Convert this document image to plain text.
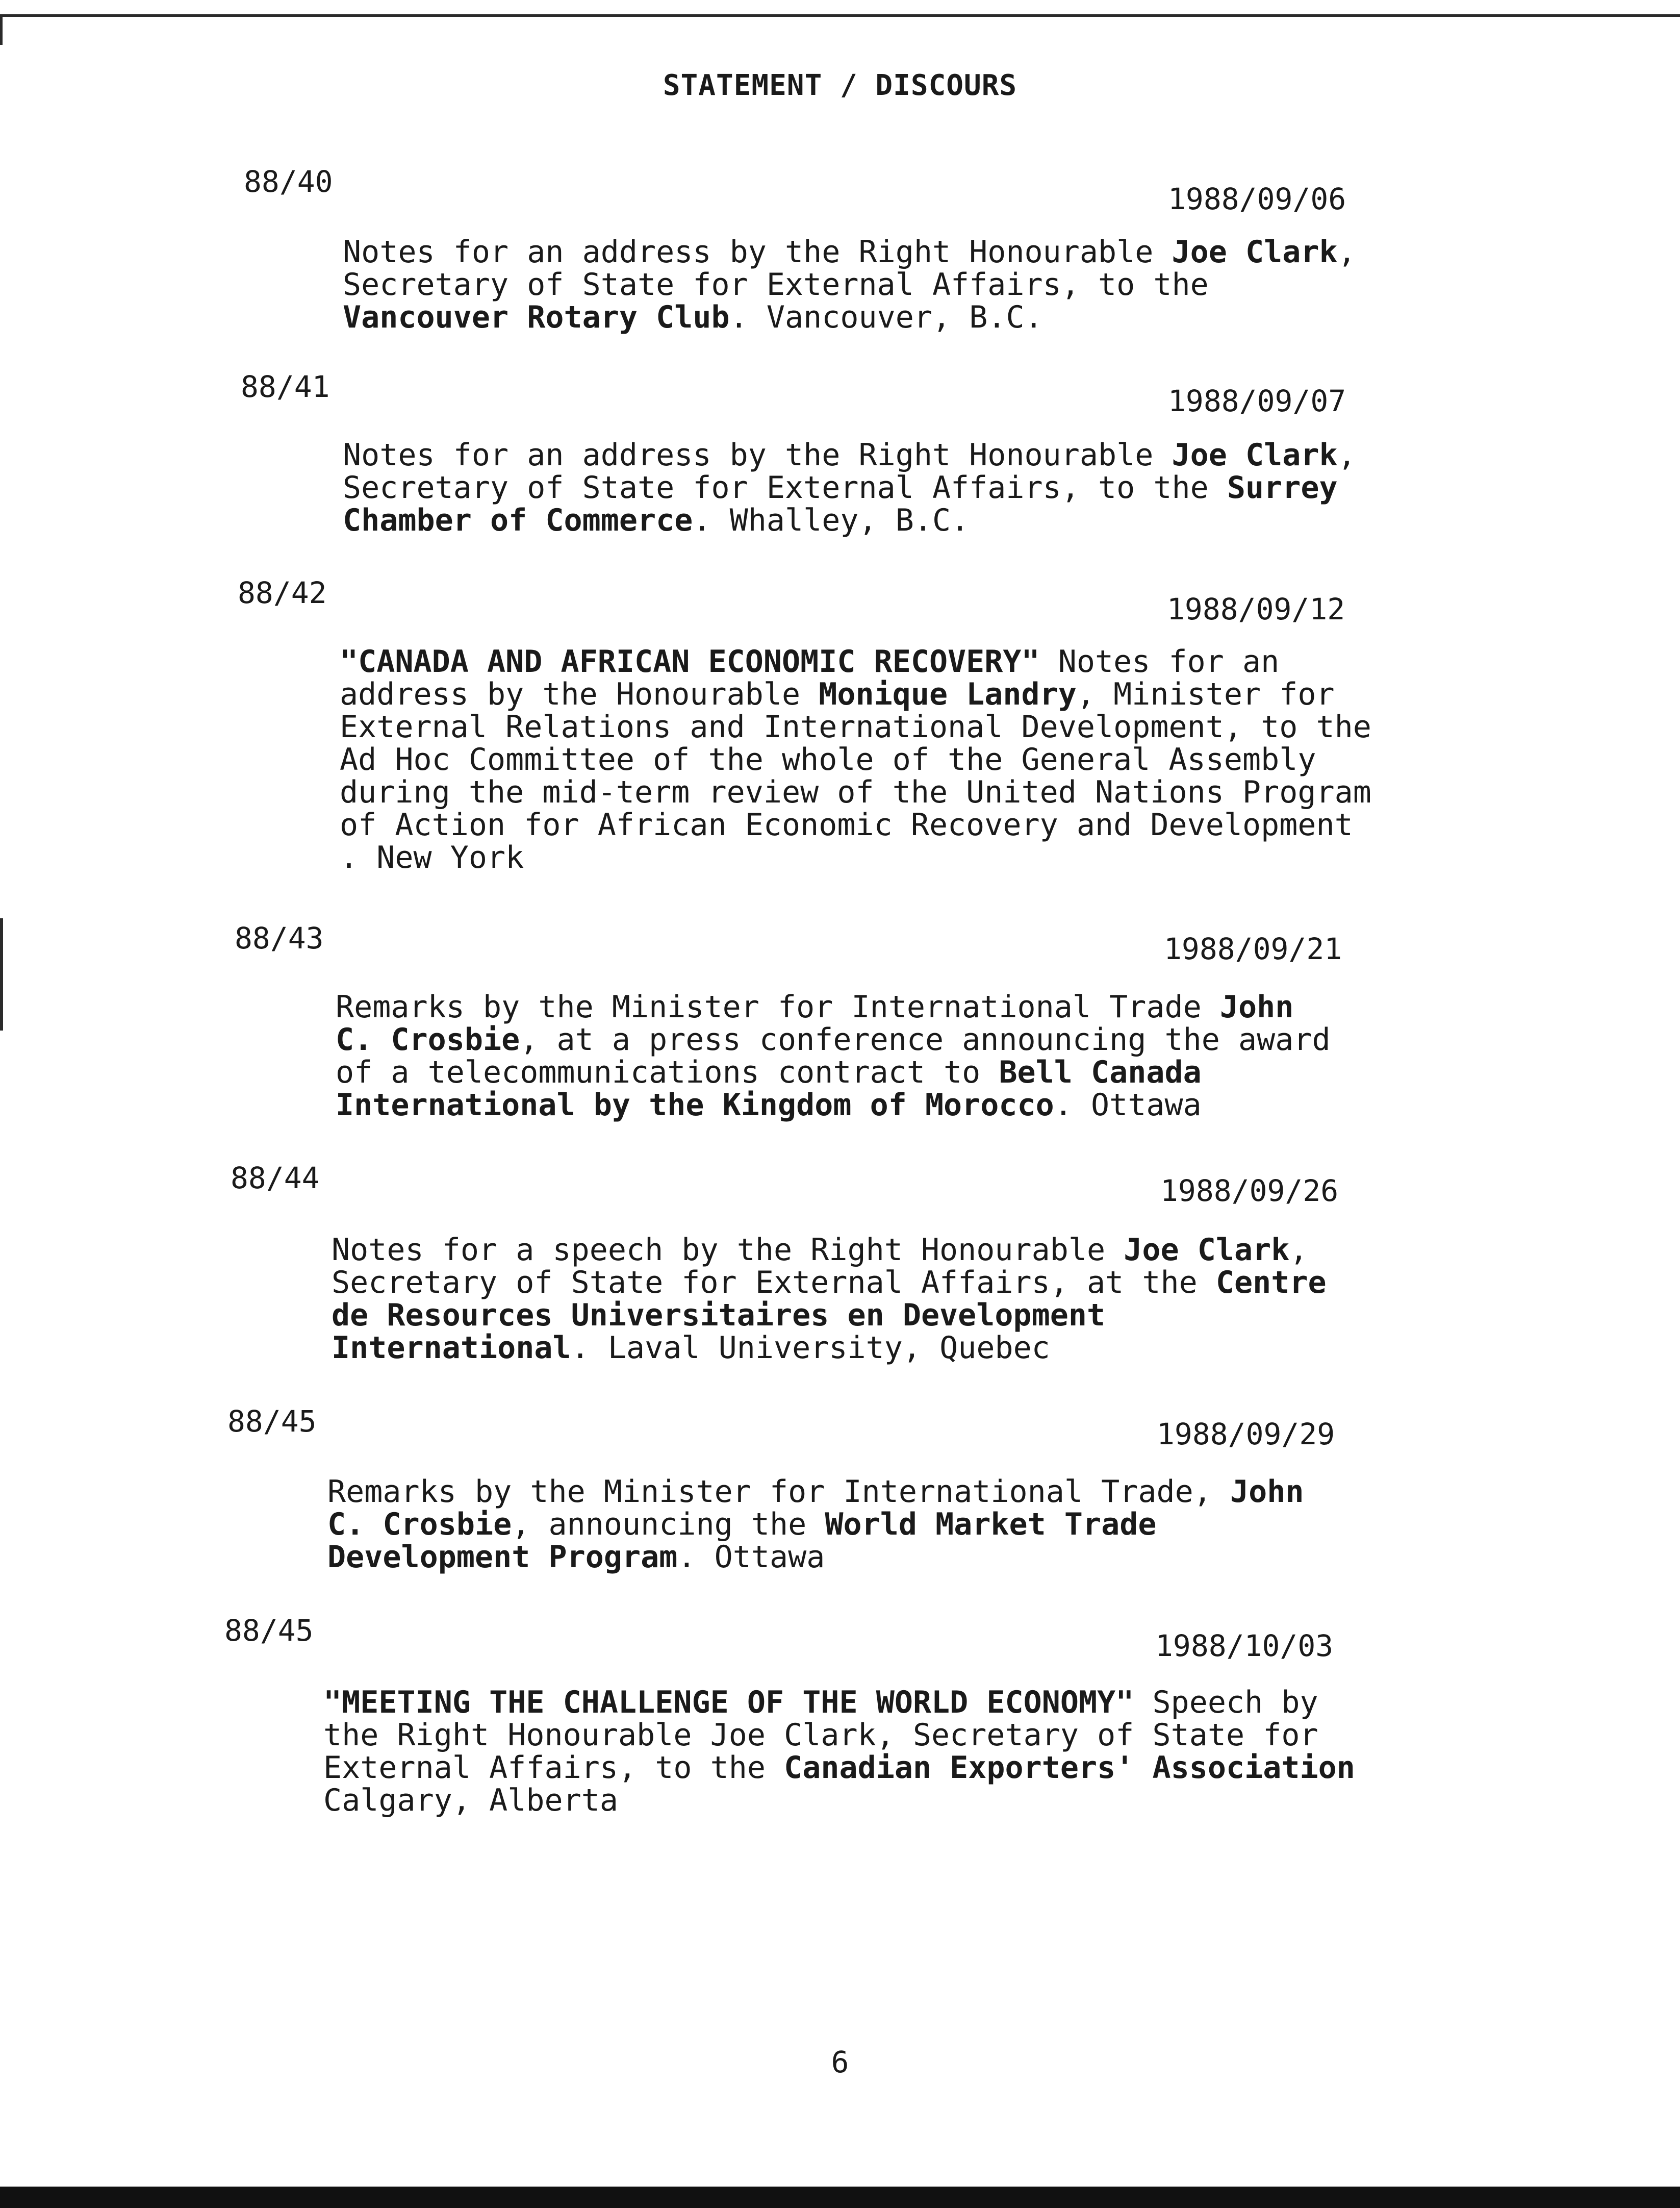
STATEMENT / DISCOURS
88/40	1988/09/06
Notes for an address by the Right Honourable Joe Clark,
Secretary of State for External Affairs, to the
Vancouver Rotary Club. Vancouver, B.C.
88/41	1988/09/07
Notes for an address by the Right Honourable Joe Clark,
Secretary of State for External Affairs, to the Surrey
Chamber of Commerce. Whalley, B.C.
88/42	1988/09/12
"CANADA AND AFRICAN ECONOMIC RECOVERY" Notes for an
address by the Honourable Monique Landry, Minister for
External Relations and International Development, to the
Ad Hoc Committee of the whole of the General Assembly
during the mid-term review of the United Nations Program
of Action for African Economic Recovery and Development
. New York
88/43	1988/09/21
Remarks by the Minister for International Trade John
C. Crosbie, at a press conference announcing the award
of a telecommunications contract to Bell Canada
International by the Kingdom of Morocco. Ottawa
88/44	1988/09/26
Notes for a speech by the Right Honourable Joe Clark,
Secretary of State for External Affairs, at the Centre
de Resources Universitaires en Development
International. Laval University, Quebec
88/45	1988/09/29
Remarks by the Minister for International Trade, John
C. Crosbie, announcing the World Market Trade
Development Program. Ottawa
88/45	1988/10/03
"MEETING THE CHALLENGE OF THE WORLD ECONOMY" Speech by
the Right Honourable Joe Clark, Secretary of State for
External Affairs, to the Canadian Exporters' Association
Calgary, Alberta
6
